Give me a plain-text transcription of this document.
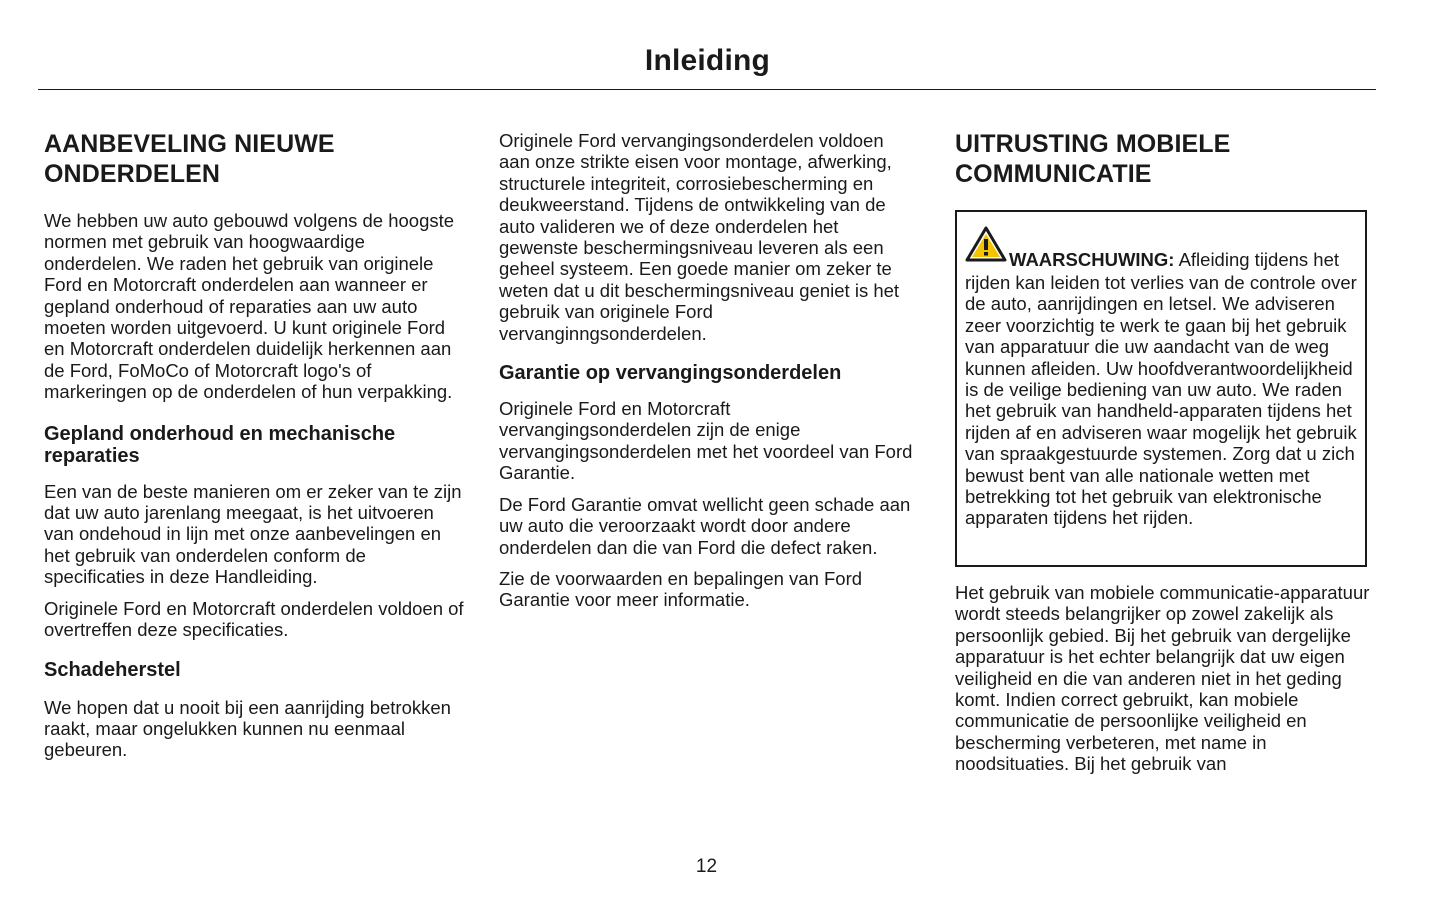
Inleiding
AANBEVELING NIEUWE ONDERDELEN

We hebben uw auto gebouwd volgens de hoogste normen met gebruik van hoogwaardige onderdelen. We raden het gebruik van originele Ford en Motorcraft onderdelen aan wanneer er gepland onderhoud of reparaties aan uw auto moeten worden uitgevoerd. U kunt originele Ford en Motorcraft onderdelen duidelijk herkennen aan de Ford, FoMoCo of Motorcraft logo's of markeringen op de onderdelen of hun verpakking.

Gepland onderhoud en mechanische reparaties

Een van de beste manieren om er zeker van te zijn dat uw auto jarenlang meegaat, is het uitvoeren van ondehoud in lijn met onze aanbevelingen en het gebruik van onderdelen conform de specificaties in deze Handleiding.

Originele Ford en Motorcraft onderdelen voldoen of overtreffen deze specificaties.

Schadeherstel

We hopen dat u nooit bij een aanrijding betrokken raakt, maar ongelukken kunnen nu eenmaal gebeuren.

Originele Ford vervangingsonderdelen voldoen aan onze strikte eisen voor montage, afwerking, structurele integriteit, corrosiebescherming en deukweerstand. Tijdens de ontwikkeling van de auto valideren we of deze onderdelen het gewenste beschermingsniveau leveren als een geheel systeem. Een goede manier om zeker te weten dat u dit beschermingsniveau geniet is het gebruik van originele Ford vervanginngsonderdelen.

Garantie op vervangingsonderdelen

Originele Ford en Motorcraft vervangingsonderdelen zijn de enige vervangingsonderdelen met het voordeel van Ford Garantie.

De Ford Garantie omvat wellicht geen schade aan uw auto die veroorzaakt wordt door andere onderdelen dan die van Ford die defect raken.

Zie de voorwaarden en bepalingen van Ford Garantie voor meer informatie.

UITRUSTING MOBIELE COMMUNICATIE

WAARSCHUWING: Afleiding tijdens het rijden kan leiden tot verlies van de controle over de auto, aanrijdingen en letsel. We adviseren zeer voorzichtig te werk te gaan bij het gebruik van apparatuur die uw aandacht van de weg kunnen afleiden. Uw hoofdverantwoordelijkheid is de veilige bediening van uw auto. We raden het gebruik van handheld-apparaten tijdens het rijden af en adviseren waar mogelijk het gebruik van spraakgestuurde systemen. Zorg dat u zich bewust bent van alle nationale wetten met betrekking tot het gebruik van elektronische apparaten tijdens het rijden.

Het gebruik van mobiele communicatie-apparatuur wordt steeds belangrijker op zowel zakelijk als persoonlijk gebied. Bij het gebruik van dergelijke apparatuur is het echter belangrijk dat uw eigen veiligheid en die van anderen niet in het geding komt. Indien correct gebruikt, kan mobiele communicatie de persoonlijke veiligheid en bescherming verbeteren, met name in noodsituaties. Bij het gebruik van

12
